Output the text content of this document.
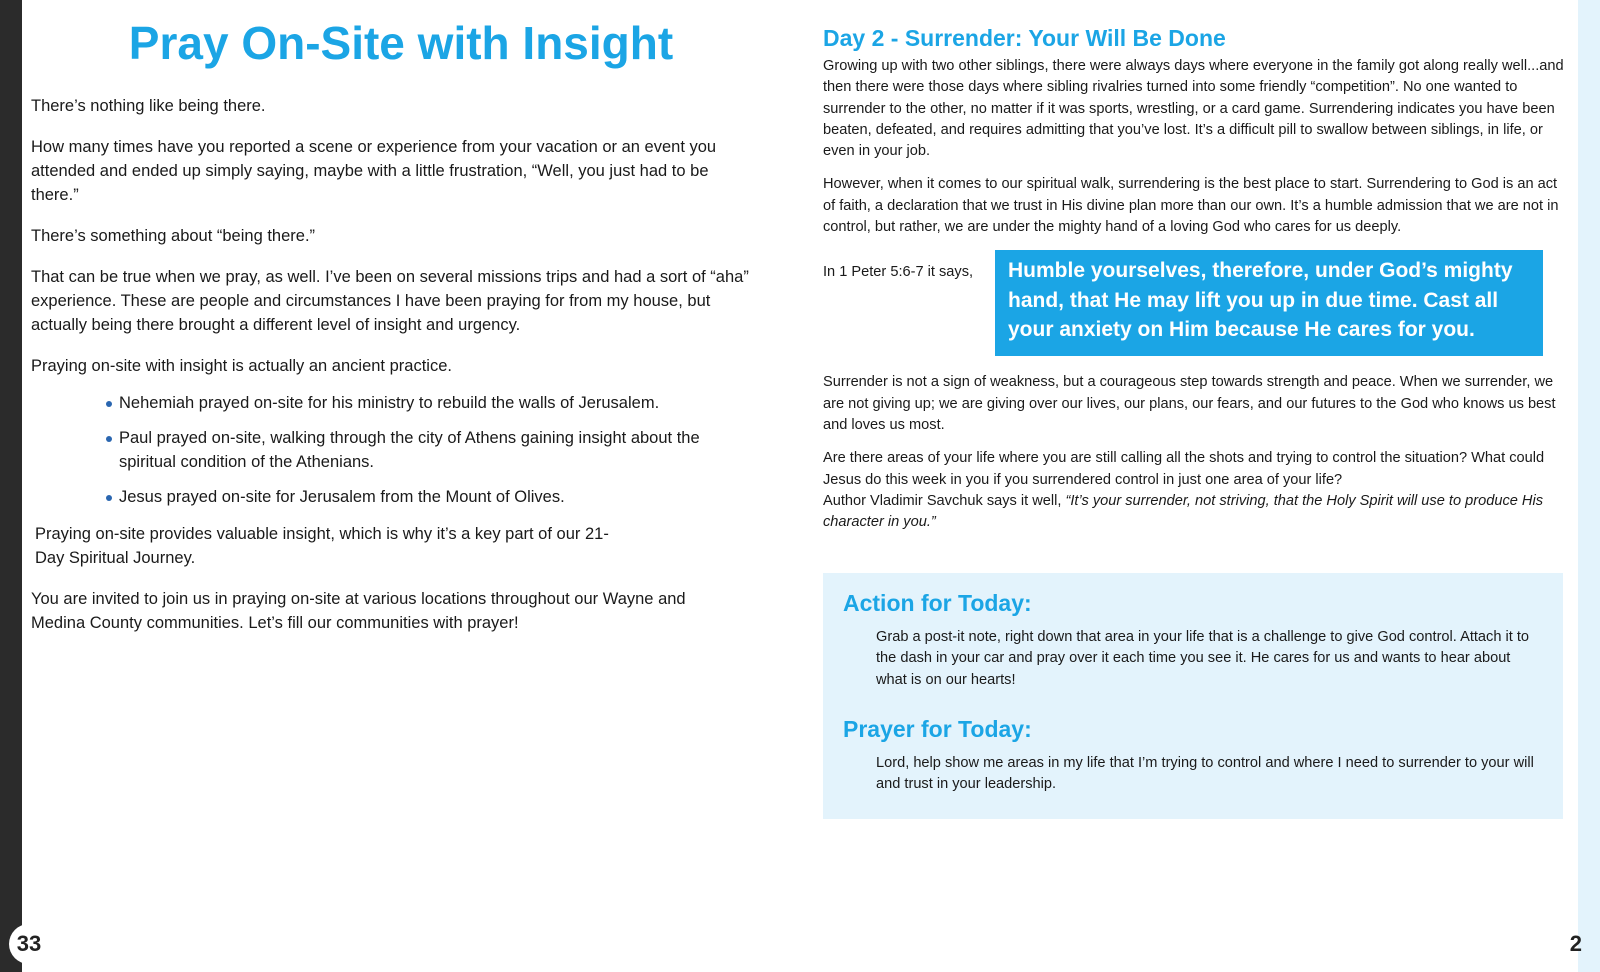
Pray On-Site with Insight

There’s nothing like being there.

How many times have you reported a scene or experience from your vacation or an event you attended and ended up simply saying, maybe with a little frustration, “Well, you just had to be there.”

There’s something about “being there.”

That can be true when we pray, as well. I’ve been on several missions trips and had a sort of “aha” experience. These are people and circumstances I have been praying for from my house, but actually being there brought a different level of insight and urgency.

Praying on-site with insight is actually an ancient practice.

Nehemiah prayed on-site for his ministry to rebuild the walls of Jerusalem.
Paul prayed on-site, walking through the city of Athens gaining insight about the spiritual condition of the Athenians.
Jesus prayed on-site for Jerusalem from the Mount of Olives.

Praying on-site provides valuable insight, which is why it’s a key part of our 21-Day Spiritual Journey.

You are invited to join us in praying on-site at various locations throughout our Wayne and Medina County communities. Let’s fill our communities with prayer!

33
Day 2 - Surrender: Your Will Be Done

Growing up with two other siblings, there were always days where everyone in the family got along really well...and then there were those days where sibling rivalries turned into some friendly “competition”. No one wanted to surrender to the other, no matter if it was sports, wrestling, or a card game. Surrendering indicates you have been beaten, defeated, and requires admitting that you’ve lost. It’s a difficult pill to swallow between siblings, in life, or even in your job.

However, when it comes to our spiritual walk, surrendering is the best place to start. Surrendering to God is an act of faith, a declaration that we trust in His divine plan more than our own. It’s a humble admission that we are not in control, but rather, we are under the mighty hand of a loving God who cares for us deeply.

In 1 Peter 5:6-7 it says,	Humble yourselves, therefore, under God’s mighty hand, that He may lift you up in due time. Cast all your anxiety on Him because He cares for you.

Surrender is not a sign of weakness, but a courageous step towards strength and peace. When we surrender, we are not giving up; we are giving over our lives, our plans, our fears, and our futures to the God who knows us best and loves us most.

Are there areas of your life where you are still calling all the shots and trying to control the situation? What could Jesus do this week in you if you surrendered control in just one area of your life?
Author Vladimir Savchuk says it well, “It’s your surrender, not striving, that the Holy Spirit will use to produce His character in you.”

Action for Today:

Grab a post-it note, right down that area in your life that is a challenge to give God control. Attach it to the dash in your car and pray over it each time you see it. He cares for us and wants to hear about what is on our hearts!

Prayer for Today:

Lord, help show me areas in my life that I’m trying to control and where I need to surrender to your will and trust in your leadership.

2
